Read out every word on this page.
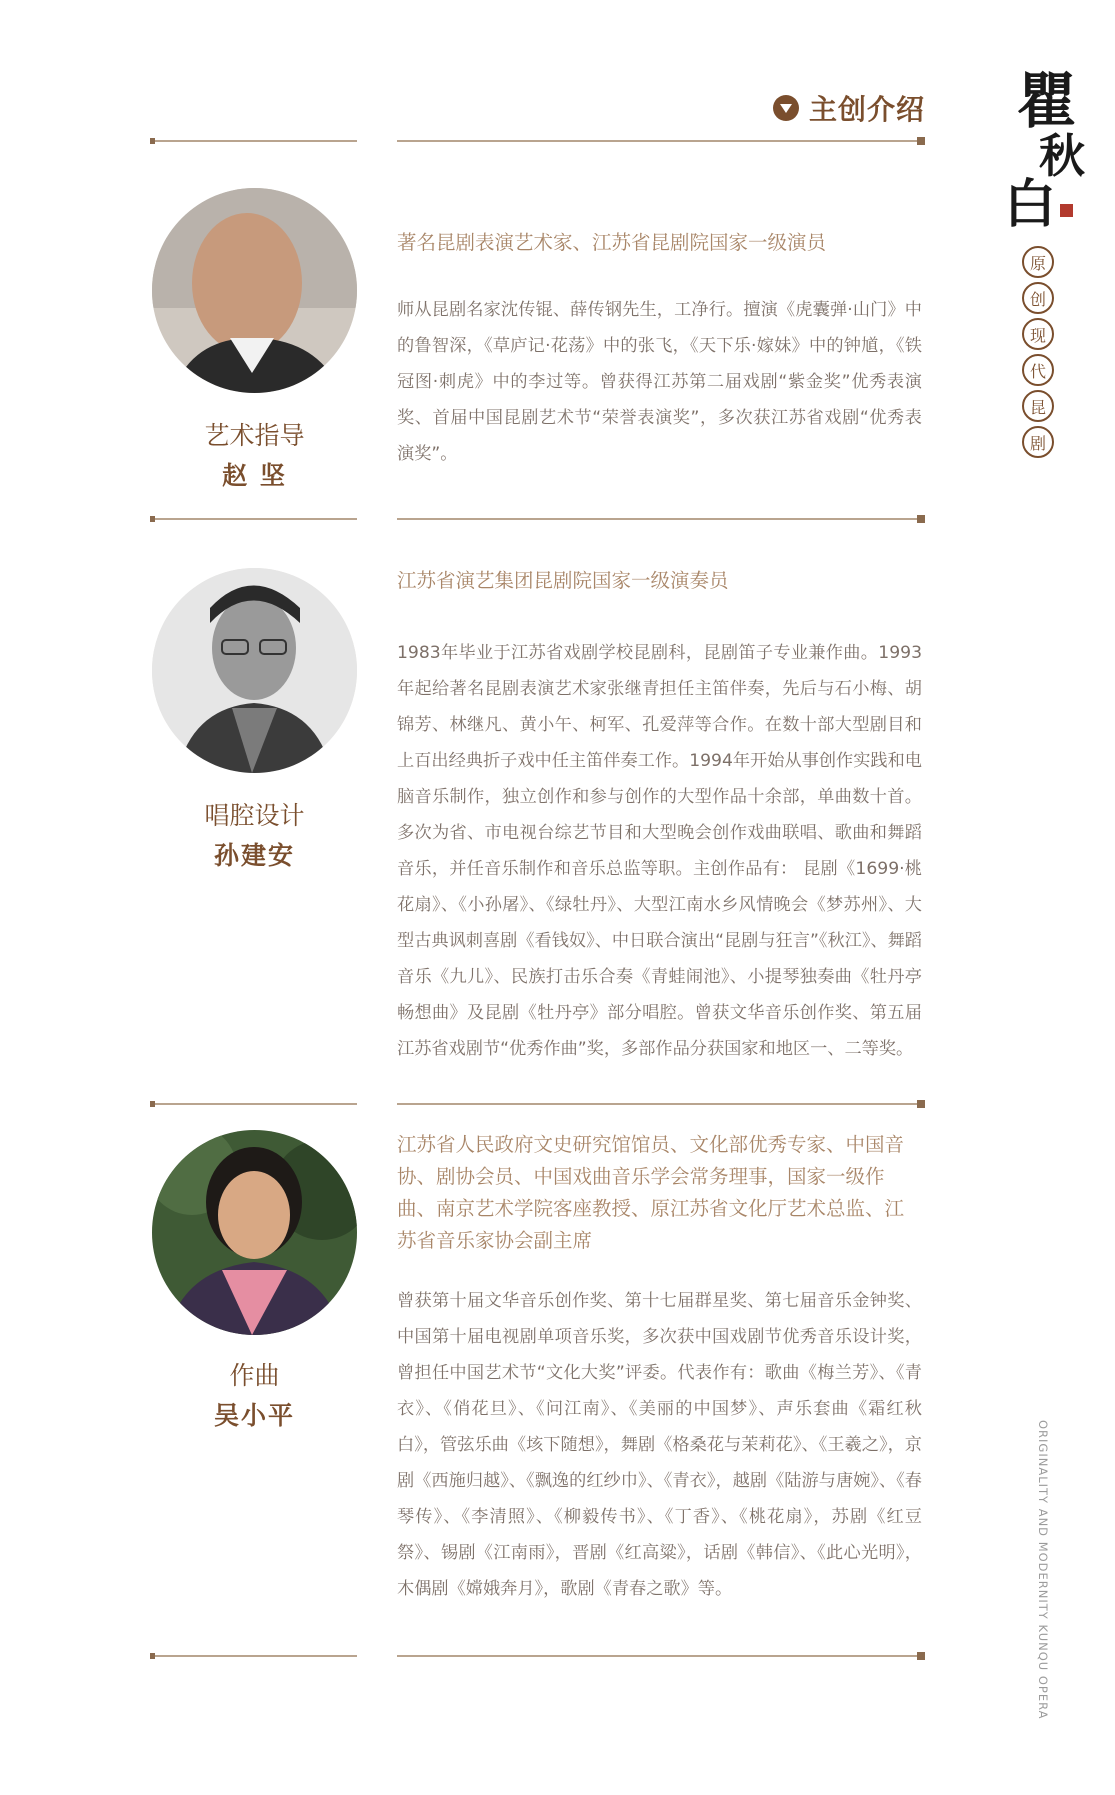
主创介绍 瞿
秋
白
原
创
现
代
昆
剧
ORIGINALITY AND MODERNITY KUNQU OPERA
艺术指导
赵 坚
著名昆剧表演艺术家、江苏省昆剧院国家一级演员
师从昆剧名家沈传锟、薛传钢先生，工净行。擅演《虎囊弹·山门》中的鲁智深，《草庐记·花荡》中的张飞，《天下乐·嫁妹》中的钟馗，《铁冠图·刺虎》中的李过等。曾获得江苏第二届戏剧“紫金奖”优秀表演奖、首届中国昆剧艺术节“荣誉表演奖”，多次获江苏省戏剧“优秀表演奖”。
唱腔设计
孙建安
江苏省演艺集团昆剧院国家一级演奏员
1983年毕业于江苏省戏剧学校昆剧科，昆剧笛子专业兼作曲。1993年起给著名昆剧表演艺术家张继青担任主笛伴奏，先后与石小梅、胡锦芳、林继凡、黄小午、柯军、孔爱萍等合作。在数十部大型剧目和上百出经典折子戏中任主笛伴奏工作。1994年开始从事创作实践和电脑音乐制作，独立创作和参与创作的大型作品十余部，单曲数十首。多次为省、市电视台综艺节目和大型晚会创作戏曲联唱、歌曲和舞蹈音乐，并任音乐制作和音乐总监等职。主创作品有： 昆剧《1699·桃花扇》、《小孙屠》、《绿牡丹》、大型江南水乡风情晚会《梦苏州》、大型古典讽刺喜剧《看钱奴》、中日联合演出“昆剧与狂言”《秋江》、舞蹈音乐《九儿》、民族打击乐合奏《青蛙闹池》、小提琴独奏曲《牡丹亭畅想曲》及昆剧《牡丹亭》部分唱腔。曾获文华音乐创作奖、第五届江苏省戏剧节“优秀作曲”奖，多部作品分获国家和地区一、二等奖。
作曲
吴小平
江苏省人民政府文史研究馆馆员、文化部优秀专家、中国音协、剧协会员、中国戏曲音乐学会常务理事，国家一级作曲、南京艺术学院客座教授、原江苏省文化厅艺术总监、江苏省音乐家协会副主席
曾获第十届文华音乐创作奖、第十七届群星奖、第七届音乐金钟奖、中国第十届电视剧单项音乐奖，多次获中国戏剧节优秀音乐设计奖，曾担任中国艺术节“文化大奖”评委。代表作有：歌曲《梅兰芳》、《青衣》、《俏花旦》、《问江南》、《美丽的中国梦》、声乐套曲《霜红秋白》，管弦乐曲《垓下随想》，舞剧《格桑花与茉莉花》、《王羲之》，京剧《西施归越》、《飘逸的红纱巾》、《青衣》，越剧《陆游与唐婉》、《春琴传》、《李清照》、《柳毅传书》、《丁香》、《桃花扇》，苏剧《红豆祭》、锡剧《江南雨》，晋剧《红高粱》，话剧《韩信》、《此心光明》，木偶剧《嫦娥奔月》，歌剧《青春之歌》等。
